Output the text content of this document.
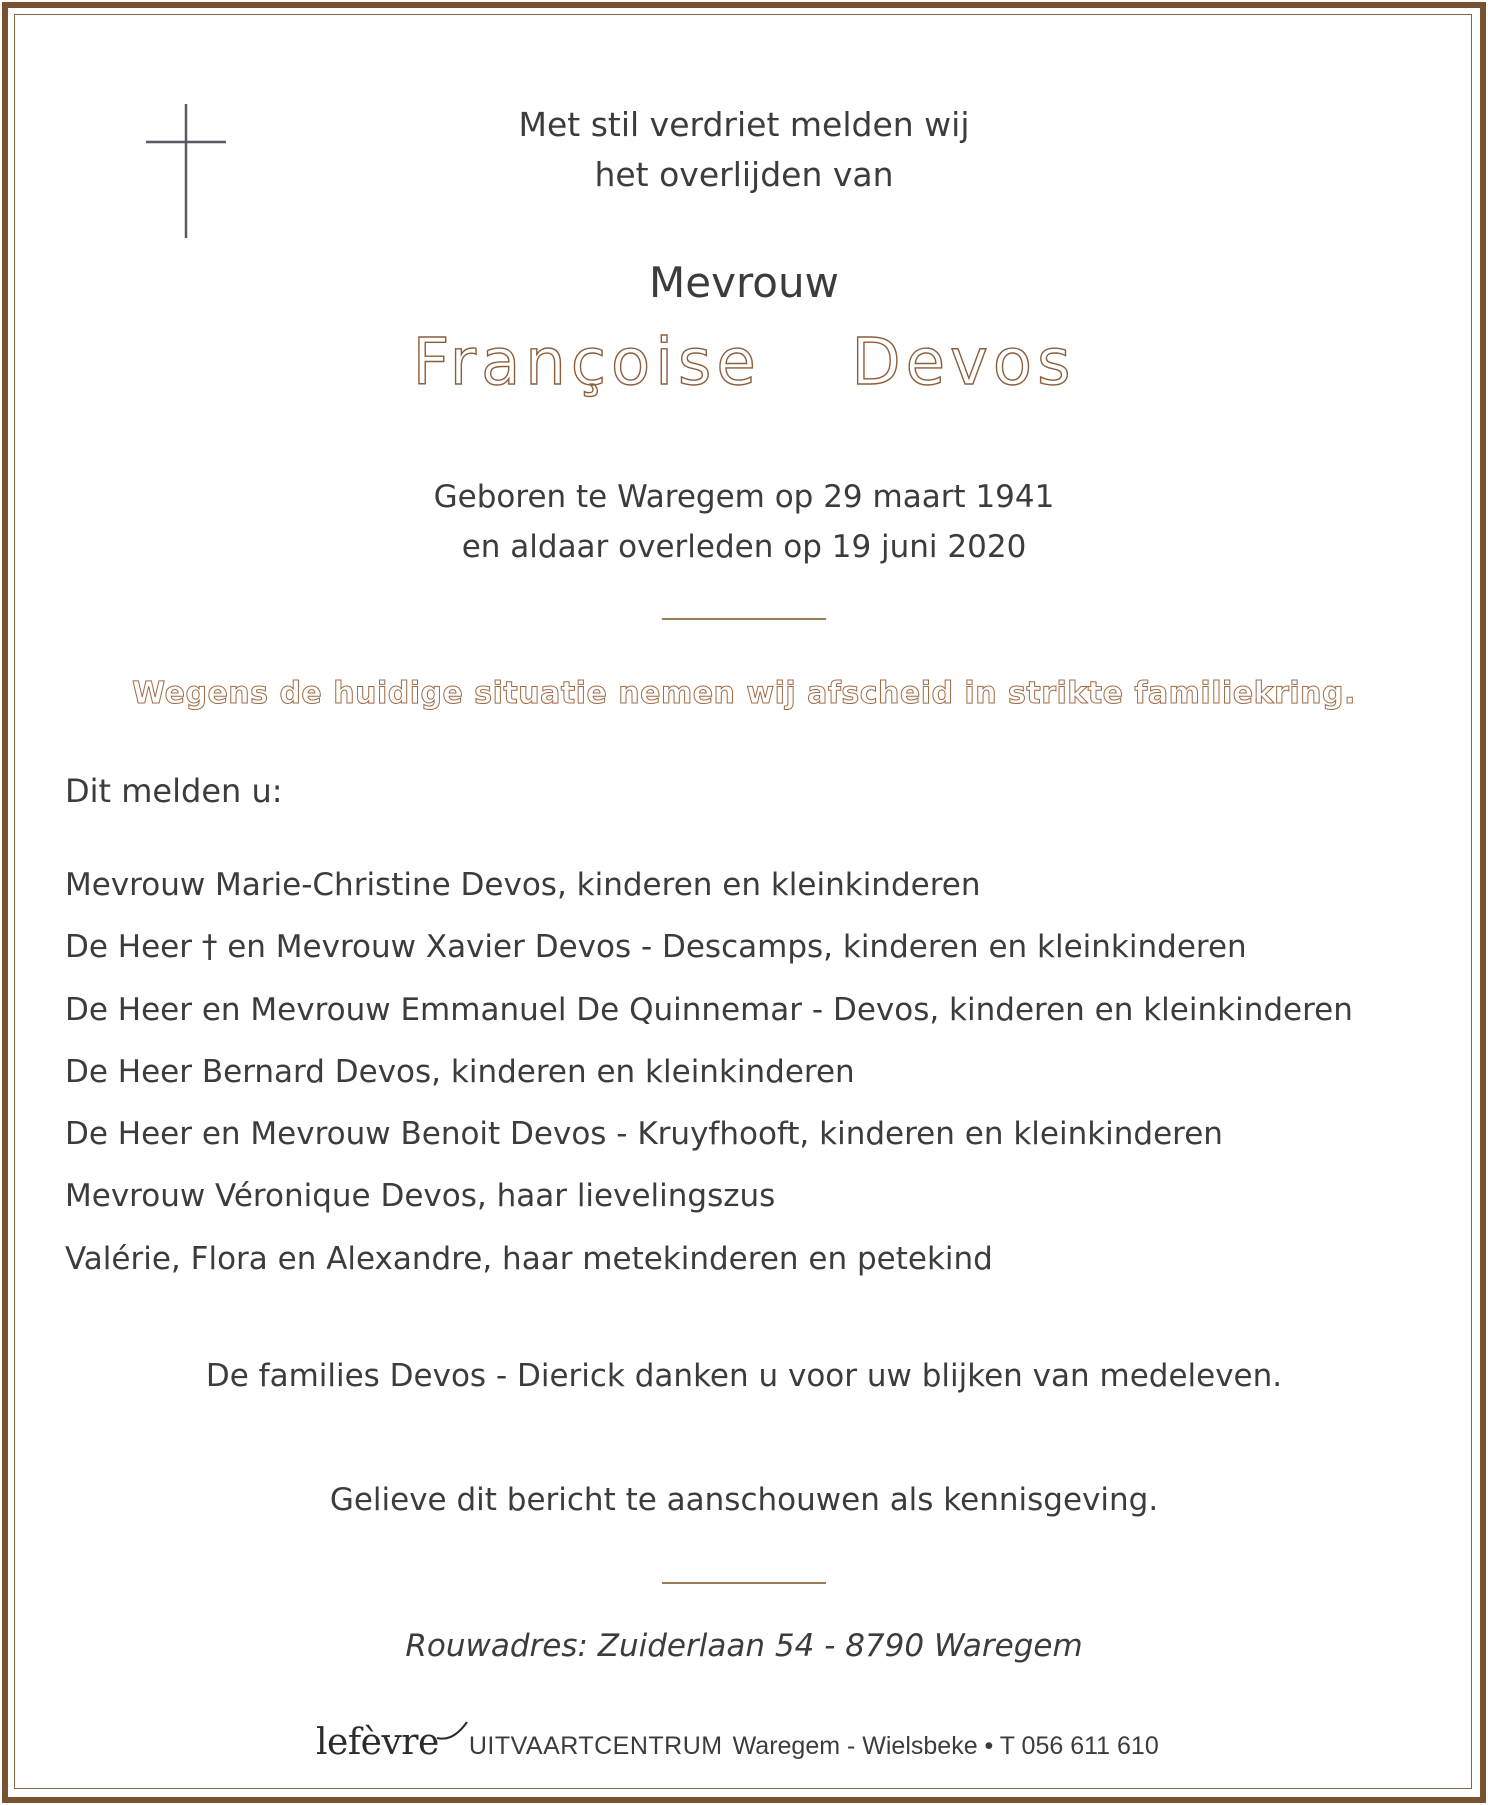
Met stil verdriet melden wij
het overlijden van
Mevrouw
Françoise  Devos
Geboren te Waregem op 29 maart 1941
en aldaar overleden op 19 juni 2020
Wegens de huidige situatie nemen wij afscheid in strikte familiekring.
Dit melden u:
Mevrouw Marie-Christine Devos, kinderen en kleinkinderen
De Heer † en Mevrouw Xavier Devos - Descamps, kinderen en kleinkinderen
De Heer en Mevrouw Emmanuel De Quinnemar - Devos, kinderen en kleinkinderen
De Heer Bernard Devos, kinderen en kleinkinderen
De Heer en Mevrouw Benoit Devos - Kruyfhooft, kinderen en kleinkinderen
Mevrouw Véronique Devos, haar lievelingszus
Valérie, Flora en Alexandre, haar metekinderen en petekind
De families Devos - Dierick danken u voor uw blijken van medeleven.
Gelieve dit bericht te aanschouwen als kennisgeving.
Rouwadres: Zuiderlaan 54 - 8790 Waregem
lefèvre UITVAARTCENTRUM Waregem - Wielsbeke • T 056 611 610
